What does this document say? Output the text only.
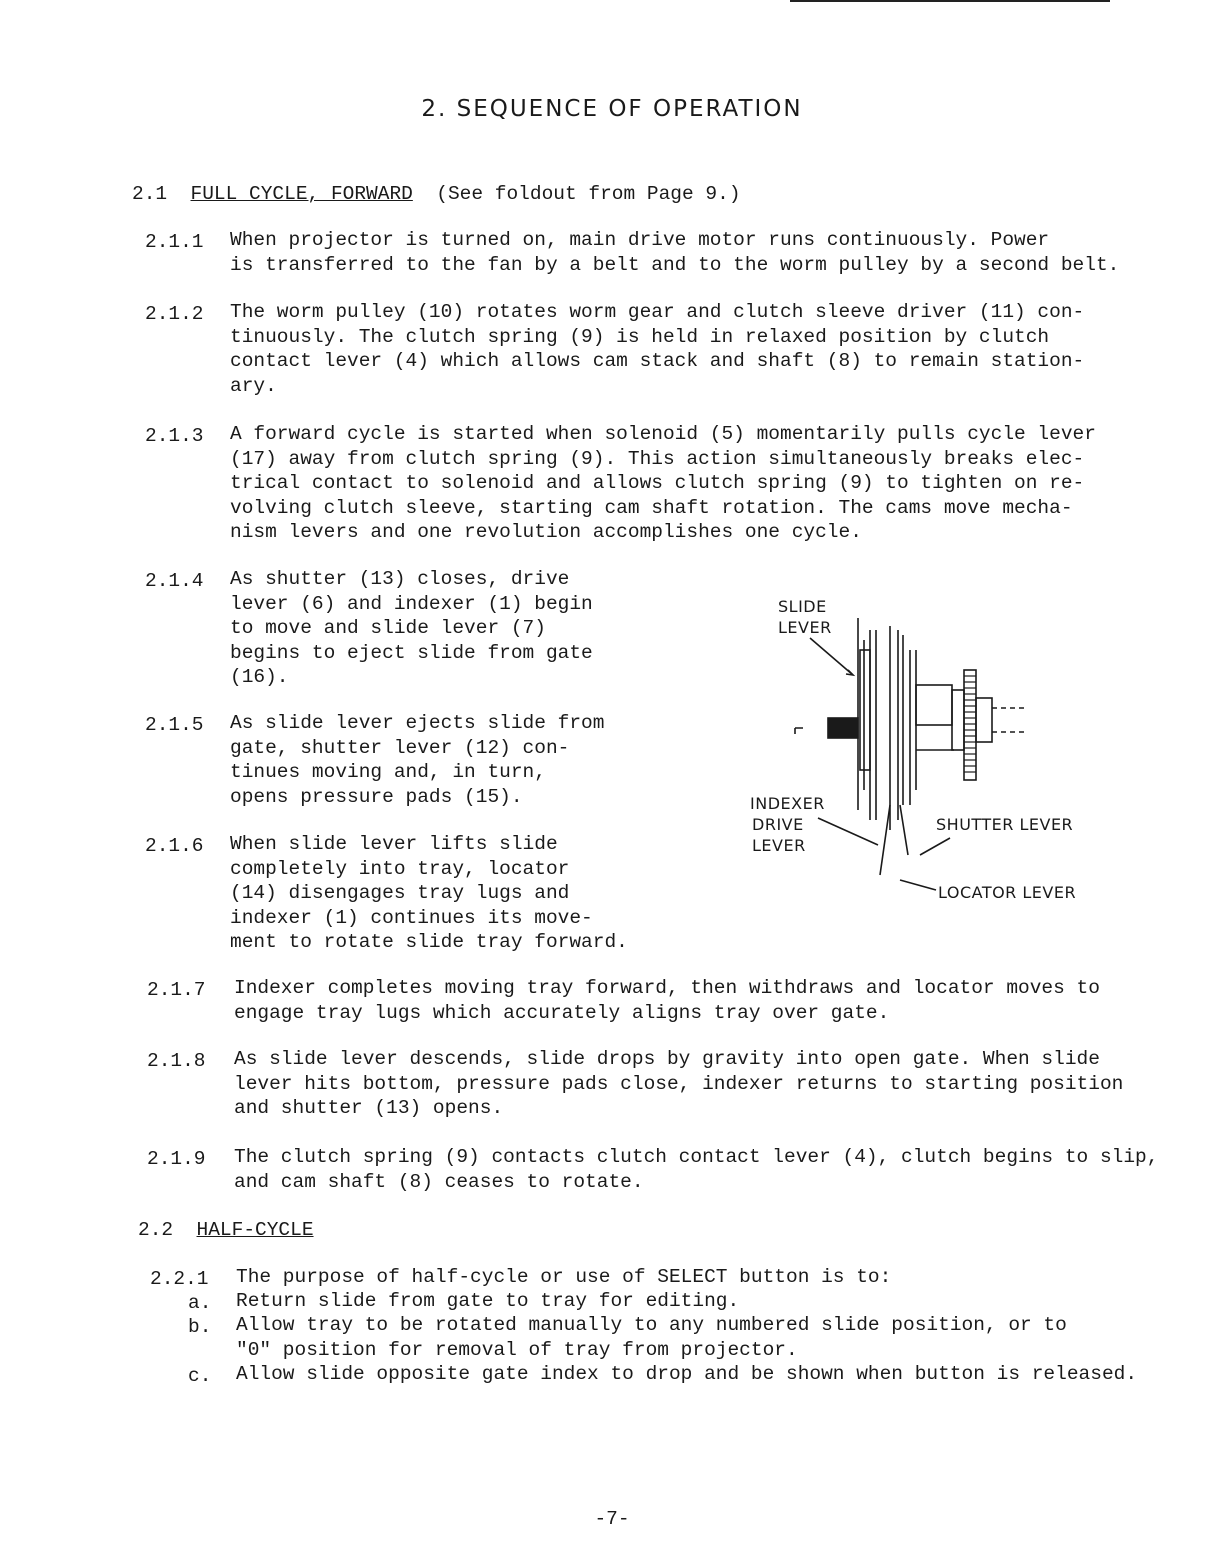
2. SEQUENCE OF OPERATION
2.1 FULL CYCLE, FORWARD (See foldout from Page 9.)
2.1.1 When projector is turned on, main drive motor runs continuously. Power
is transferred to the fan by a belt and to the worm pulley by a second belt.
2.1.2 The worm pulley (10) rotates worm gear and clutch sleeve driver (11) con-
tinuously. The clutch spring (9) is held in relaxed position by clutch
contact lever (4) which allows cam stack and shaft (8) to remain station-
ary.
2.1.3 A forward cycle is started when solenoid (5) momentarily pulls cycle lever
(17) away from clutch spring (9). This action simultaneously breaks elec-
trical contact to solenoid and allows clutch spring (9) to tighten on re-
volving clutch sleeve, starting cam shaft rotation. The cams move mecha-
nism levers and one revolution accomplishes one cycle.
2.1.4 As shutter (13) closes, drive
lever (6) and indexer (1) begin
to move and slide lever (7)
begins to eject slide from gate
(16).
2.1.5 As slide lever ejects slide from
gate, shutter lever (12) con-
tinues moving and, in turn,
opens pressure pads (15).
2.1.6 When slide lever lifts slide
completely into tray, locator
(14) disengages tray lugs and
indexer (1) continues its move-
ment to rotate slide tray forward.
SLIDE
LEVER
INDEXER
DRIVE
LEVER
SHUTTER LEVER
LOCATOR LEVER
2.1.7 Indexer completes moving tray forward, then withdraws and locator moves to
engage tray lugs which accurately aligns tray over gate.
2.1.8 As slide lever descends, slide drops by gravity into open gate. When slide
lever hits bottom, pressure pads close, indexer returns to starting position
and shutter (13) opens.
2.1.9 The clutch spring (9) contacts clutch contact lever (4), clutch begins to slip,
and cam shaft (8) ceases to rotate.
2.2 HALF-CYCLE
2.2.1 The purpose of half-cycle or use of SELECT button is to:
a. Return slide from gate to tray for editing.
b. Allow tray to be rotated manually to any numbered slide position, or to
"0" position for removal of tray from projector.
c. Allow slide opposite gate index to drop and be shown when button is released.
-7-
